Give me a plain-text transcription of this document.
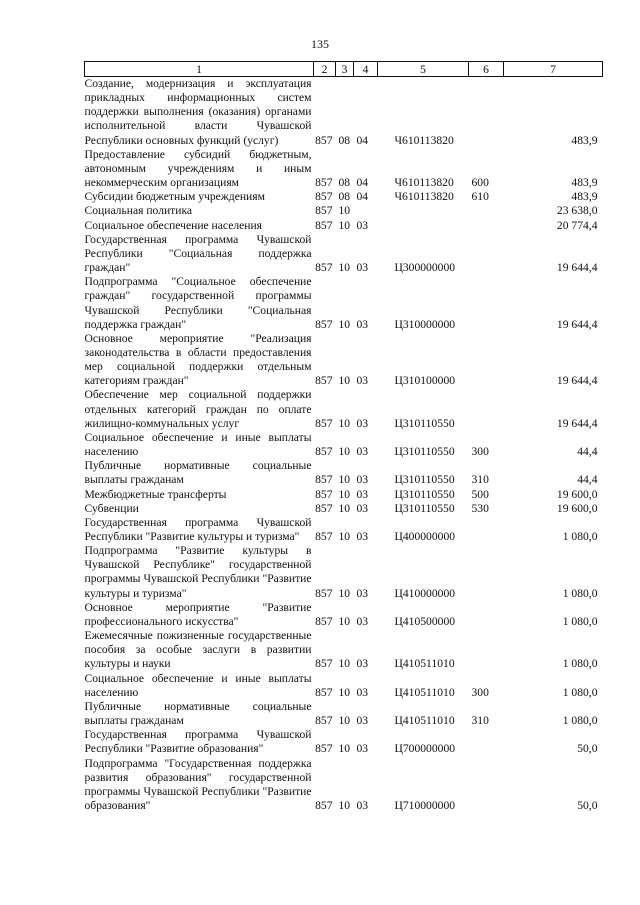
135
1	2	3	4	5	6	7
Создание, модернизация и эксплуатация прикладных информационных систем поддержки выполнения (оказания) органами исполнительной власти Чувашской Республики основных функций (услуг)	857	08	04	Ч610113820		483,9
Предоставление субсидий бюджетным, автономным учреждениям и иным некоммерческим организациям	857	08	04	Ч610113820	600	483,9
Субсидии бюджетным учреждениям	857	08	04	Ч610113820	610	483,9
Социальная политика	857	10				23 638,0
Социальное обеспечение населения	857	10	03			20 774,4
Государственная программа Чувашской Республики "Социальная поддержка граждан"	857	10	03	Ц300000000		19 644,4
Подпрограмма "Социальное обеспечение граждан" государственной программы Чувашской Республики "Социальная поддержка граждан"	857	10	03	Ц310000000		19 644,4
Основное мероприятие "Реализация законодательства в области предоставления мер социальной поддержки отдельным категориям граждан"	857	10	03	Ц310100000		19 644,4
Обеспечение мер социальной поддержки отдельных категорий граждан по оплате жилищно-коммунальных услуг	857	10	03	Ц310110550		19 644,4
Социальное обеспечение и иные выплаты населению	857	10	03	Ц310110550	300	44,4
Публичные нормативные социальные выплаты гражданам	857	10	03	Ц310110550	310	44,4
Межбюджетные трансферты	857	10	03	Ц310110550	500	19 600,0
Субвенции	857	10	03	Ц310110550	530	19 600,0
Государственная программа Чувашской Республики "Развитие культуры и туризма"	857	10	03	Ц400000000		1 080,0
Подпрограмма "Развитие культуры в Чувашской Республике" государственной программы Чувашской Республики "Развитие культуры и туризма"	857	10	03	Ц410000000		1 080,0
Основное мероприятие "Развитие профессионального искусства"	857	10	03	Ц410500000		1 080,0
Ежемесячные пожизненные государственные пособия за особые заслуги в развитии культуры и науки	857	10	03	Ц410511010		1 080,0
Социальное обеспечение и иные выплаты населению	857	10	03	Ц410511010	300	1 080,0
Публичные нормативные социальные выплаты гражданам	857	10	03	Ц410511010	310	1 080,0
Государственная программа Чувашской Республики "Развитие образования"	857	10	03	Ц700000000		50,0
Подпрограмма "Государственная поддержка развития образования" государственной программы Чувашской Республики "Развитие образования"	857	10	03	Ц710000000		50,0
